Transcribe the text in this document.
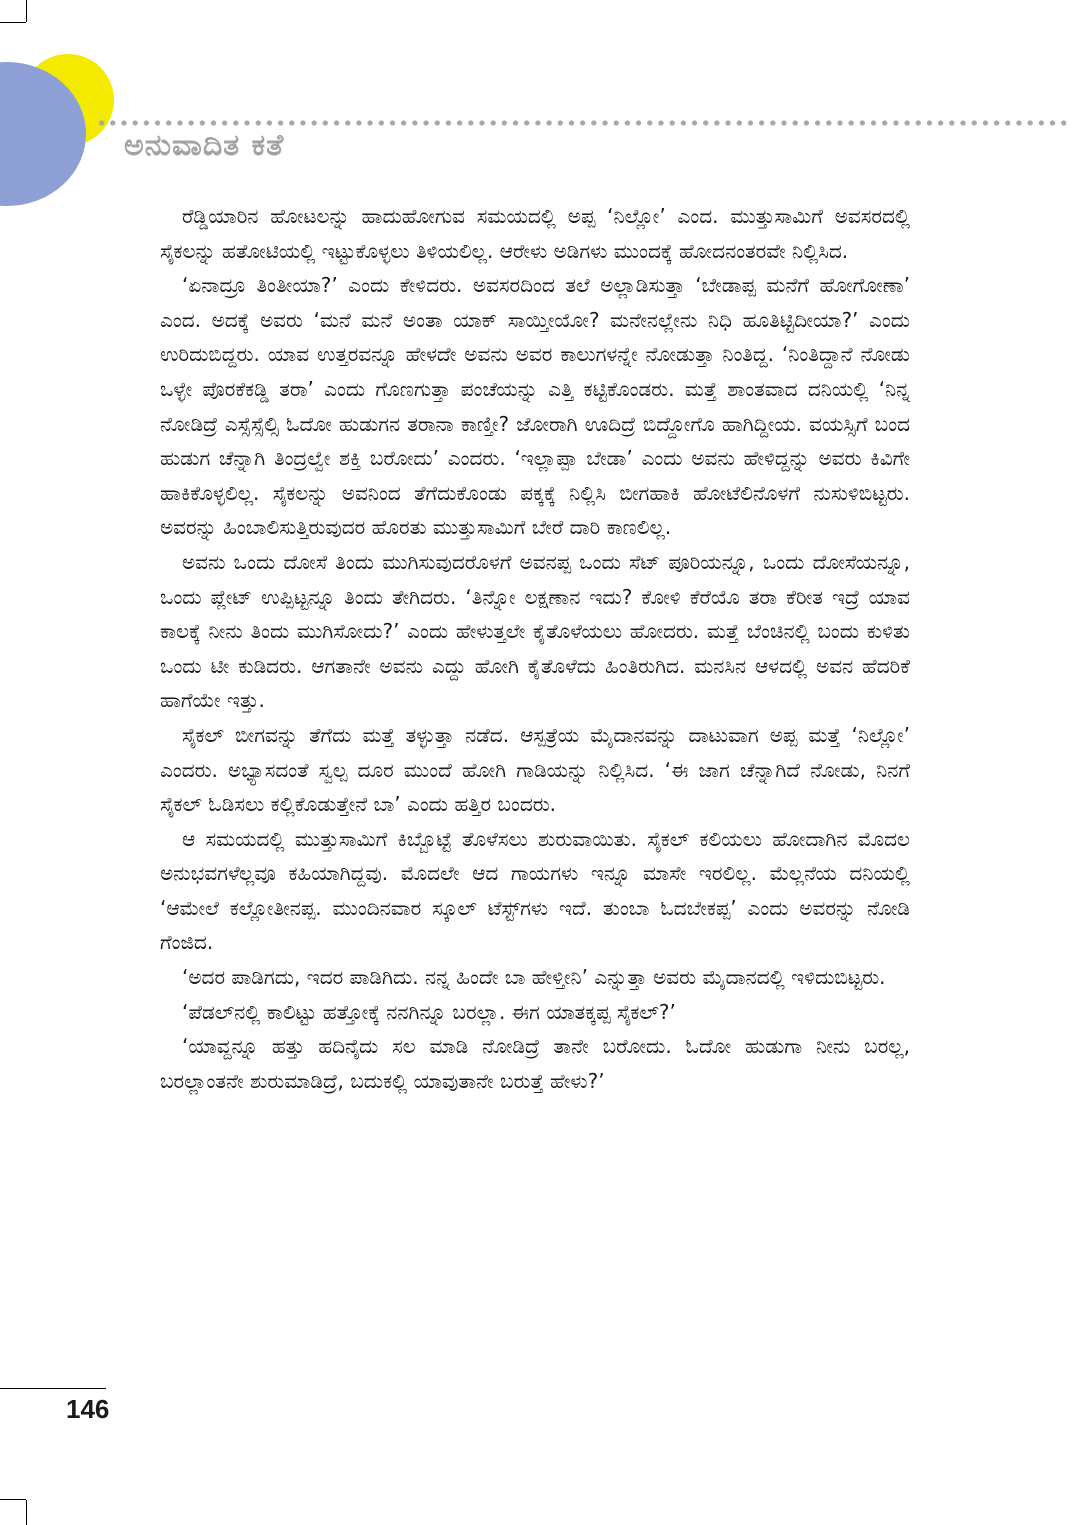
ಅನುವಾದಿತ ಕತೆ

ರೆಡ್ಡಿಯಾರಿನ ಹೋಟಲನ್ನು ಹಾದುಹೋಗುವ ಸಮಯದಲ್ಲಿ ಅಪ್ಪ ‘ನಿಲ್ಲೋ’ ಎಂದ. ಮುತ್ತುಸಾಮಿಗೆ ಅವಸರದಲ್ಲಿ ಸೈಕಲನ್ನು ಹತೋಟಿಯಲ್ಲಿ ಇಟ್ಟುಕೊಳ್ಳಲು ತಿಳಿಯಲಿಲ್ಲ. ಆರೇಳು ಅಡಿಗಳು ಮುಂದಕ್ಕೆ ಹೋದನಂತರವೇ ನಿಲ್ಲಿಸಿದ.

‘ಏನಾದ್ರೂ ತಿಂತೀಯಾ?’ ಎಂದು ಕೇಳಿದರು. ಅವಸರದಿಂದ ತಲೆ ಅಲ್ಲಾಡಿಸುತ್ತಾ ‘ಬೇಡಾಪ್ಪ ಮನೆಗೆ ಹೋಗೋಣಾ’ ಎಂದ. ಅದಕ್ಕೆ ಅವರು ‘ಮನೆ ಮನೆ ಅಂತಾ ಯಾಕ್ ಸಾಯ್ತೀಯೋ? ಮನೇನಲ್ಲೇನು ನಿಧಿ ಹೂತಿಟ್ಟಿದೀಯಾ?’ ಎಂದು ಉರಿದುಬಿದ್ದರು. ಯಾವ ಉತ್ತರವನ್ನೂ ಹೇಳದೇ ಅವನು ಅವರ ಕಾಲುಗಳನ್ನೇ ನೋಡುತ್ತಾ ನಿಂತಿದ್ದ. ‘ನಿಂತಿದ್ದಾನೆ ನೋಡು ಒಳ್ಳೇ ಪೊರಕೆಕಡ್ಡಿ ತರಾ’ ಎಂದು ಗೊಣಗುತ್ತಾ ಪಂಚೆಯನ್ನು ಎತ್ತಿ ಕಟ್ಟಿಕೊಂಡರು. ಮತ್ತೆ ಶಾಂತವಾದ ದನಿಯಲ್ಲಿ ‘ನಿನ್ನ ನೋಡಿದ್ರೆ ಎಸ್ಸೆಸ್ಸೆಲ್ಸಿ ಓದೋ ಹುಡುಗನ ತರಾನಾ ಕಾಣ್ತೀ? ಜೋರಾಗಿ ಊದಿದ್ರೆ ಬಿದ್ದೋಗೊ ಹಾಗಿದ್ದೀಯ. ವಯಸ್ಸಿಗೆ ಬಂದ ಹುಡುಗ ಚೆನ್ನಾಗಿ ತಿಂದ್ರಲ್ವೇ ಶಕ್ತಿ ಬರೋದು’ ಎಂದರು. ‘ಇಲ್ಲಾಪ್ಪಾ ಬೇಡಾ’ ಎಂದು ಅವನು ಹೇಳಿದ್ದನ್ನು ಅವರು ಕಿವಿಗೇ ಹಾಕಿಕೊಳ್ಳಲಿಲ್ಲ. ಸೈಕಲನ್ನು ಅವನಿಂದ ತೆಗೆದುಕೊಂಡು ಪಕ್ಕಕ್ಕೆ ನಿಲ್ಲಿಸಿ ಬೀಗಹಾಕಿ ಹೋಟೆಲಿನೊಳಗೆ ನುಸುಳಿಬಿಟ್ಟರು. ಅವರನ್ನು ಹಿಂಬಾಲಿಸುತ್ತಿರುವುದರ ಹೊರತು ಮುತ್ತುಸಾಮಿಗೆ ಬೇರೆ ದಾರಿ ಕಾಣಲಿಲ್ಲ.

ಅವನು ಒಂದು ದೋಸೆ ತಿಂದು ಮುಗಿಸುವುದರೊಳಗೆ ಅವನಪ್ಪ ಒಂದು ಸೆಟ್ ಪೂರಿಯನ್ನೂ, ಒಂದು ದೋಸೆಯನ್ನೂ, ಒಂದು ಪ್ಲೇಟ್ ಉಪ್ಪಿಟ್ಟನ್ನೂ ತಿಂದು ತೇಗಿದರು. ‘ತಿನ್ನೋ ಲಕ್ಷಣಾನ ಇದು? ಕೋಳಿ ಕೆರೆಯೊ ತರಾ ಕೆರೀತ ಇದ್ರೆ ಯಾವ ಕಾಲಕ್ಕೆ ನೀನು ತಿಂದು ಮುಗಿಸೋದು?’ ಎಂದು ಹೇಳುತ್ತಲೇ ಕೈತೊಳೆಯಲು ಹೋದರು. ಮತ್ತೆ ಬೆಂಚಿನಲ್ಲಿ ಬಂದು ಕುಳಿತು ಒಂದು ಟೀ ಕುಡಿದರು. ಆಗತಾನೇ ಅವನು ಎದ್ದು ಹೋಗಿ ಕೈತೊಳೆದು ಹಿಂತಿರುಗಿದ. ಮನಸಿನ ಆಳದಲ್ಲಿ ಅವನ ಹೆದರಿಕೆ ಹಾಗೆಯೇ ಇತ್ತು.

ಸೈಕಲ್ ಬೀಗವನ್ನು ತೆಗೆದು ಮತ್ತೆ ತಳ್ಳುತ್ತಾ ನಡೆದ. ಆಸ್ಪತ್ರೆಯ ಮೈದಾನವನ್ನು ದಾಟುವಾಗ ಅಪ್ಪ ಮತ್ತೆ ‘ನಿಲ್ಲೋ’ ಎಂದರು. ಅಭ್ಯಾಸದಂತೆ ಸ್ವಲ್ಪ ದೂರ ಮುಂದೆ ಹೋಗಿ ಗಾಡಿಯನ್ನು ನಿಲ್ಲಿಸಿದ. ‘ಈ ಜಾಗ ಚೆನ್ನಾಗಿದೆ ನೋಡು, ನಿನಗೆ ಸೈಕಲ್ ಓಡಿಸಲು ಕಲ್ಲಿಕೊಡುತ್ತೇನೆ ಬಾ’ ಎಂದು ಹತ್ತಿರ ಬಂದರು.

ಆ ಸಮಯದಲ್ಲಿ ಮುತ್ತುಸಾಮಿಗೆ ಕಿಬ್ಬೊಟ್ಟೆ ತೊಳೆಸಲು ಶುರುವಾಯಿತು. ಸೈಕಲ್ ಕಲಿಯಲು ಹೋದಾಗಿನ ಮೊದಲ ಅನುಭವಗಳೆಲ್ಲವೂ ಕಹಿಯಾಗಿದ್ದವು. ಮೊದಲೇ ಆದ ಗಾಯಗಳು ಇನ್ನೂ ಮಾಸೇ ಇರಲಿಲ್ಲ. ಮೆಲ್ಲನೆಯ ದನಿಯಲ್ಲಿ ‘ಆಮೇಲೆ ಕಲ್ಲೋತೀನಪ್ಪ. ಮುಂದಿನವಾರ ಸ್ಕೂಲ್ ಟೆಸ್ಟ್‌ಗಳು ಇದೆ. ತುಂಬಾ ಓದಬೇಕಪ್ಪ’ ಎಂದು ಅವರನ್ನು ನೋಡಿ ಗೆಂಜಿದ.

‘ಅದರ ಪಾಡಿಗದು, ಇದರ ಪಾಡಿಗಿದು. ನನ್ನ ಹಿಂದೇ ಬಾ ಹೇಳ್ತೀನಿ’ ಎನ್ನುತ್ತಾ ಅವರು ಮೈದಾನದಲ್ಲಿ ಇಳಿದುಬಿಟ್ಟರು.

‘ಪೆಡಲ್‌ನಲ್ಲಿ ಕಾಲಿಟ್ಟು ಹತ್ತೋಕ್ಕೆ ನನಗಿನ್ನೂ ಬರಲ್ಲಾ. ಈಗ ಯಾತಕ್ಕಪ್ಪ ಸೈಕಲ್?’

‘ಯಾವ್ದನ್ನೂ ಹತ್ತು ಹದಿನೈದು ಸಲ ಮಾಡಿ ನೋಡಿದ್ರೆ ತಾನೇ ಬರೋದು. ಓದೋ ಹುಡುಗಾ ನೀನು ಬರಲ್ಲ, ಬರಲ್ಲಾಂತನೇ ಶುರುಮಾಡಿದ್ರೆ, ಬದುಕಲ್ಲಿ ಯಾವುತಾನೇ ಬರುತ್ತೆ ಹೇಳು?’

146
